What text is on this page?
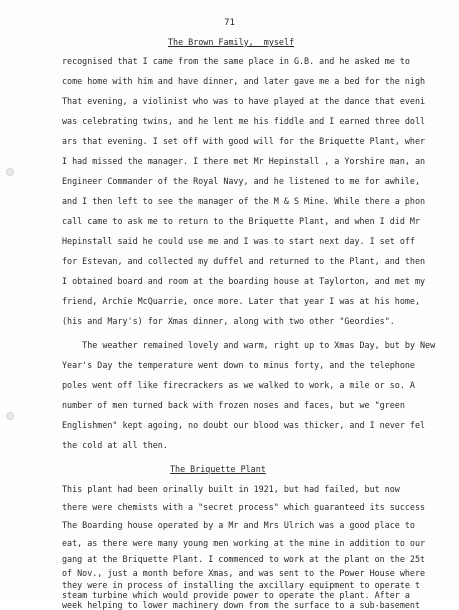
71
The Brown Family,  myself
recognised that I came from the same place in G.B. and he asked me to
come home with him and have dinner, and later gave me a bed for the nigh
That evening, a violinist who was to have played at the dance that eveni
was celebrating twins, and he lent me his fiddle and I earned three doll
ars that evening. I set off with good will for the Briquette Plant, wher
I had missed the manager. I there met Mr Hepinstall , a Yorshire man, an
Engineer Commander of the Royal Navy, and he listened to me for awhile,
and I then left to see the manager of the M & S Mine. While there a phon
call came to ask me to return to the Briquette Plant, and when I did Mr
Hepinstall said he could use me and I was to start next day. I set off
for Estevan, and collected my duffel and returned to the Plant, and then
I obtained board and room at the boarding house at Taylorton, and met my
friend, Archie McQuarrie, once more. Later that year I was at his home,
(his and Mary's) for Xmas dinner, along with two other "Geordies".
The weather remained lovely and warm, right up to Xmas Day, but by New
Year's Day the temperature went down to minus forty, and the telephone
poles went off like firecrackers as we walked to work, a mile or so. A
number of men turned back with frozen noses and faces, but we "green
Englishmen" kept agoing, no doubt our blood was thicker, and I never fel
the cold at all then.
The Briquette Plant
This plant had been orinally built in 1921, but had failed, but now
there were chemists with a "secret process" which guaranteed its success
The Boarding house operated by a Mr and Mrs Ulrich was a good place to
eat, as there were many young men working at the mine in addition to our
gang at the Briquette Plant. I commenced to work at the plant on the 25t
of Nov., just a month before Xmas, and was sent to the Power House where
they were in process of installing the axcillary equipment to operate t
steam turbine which would provide power to operate the plant. After a
week helping to lower machinery down from the surface to a sub-basement
